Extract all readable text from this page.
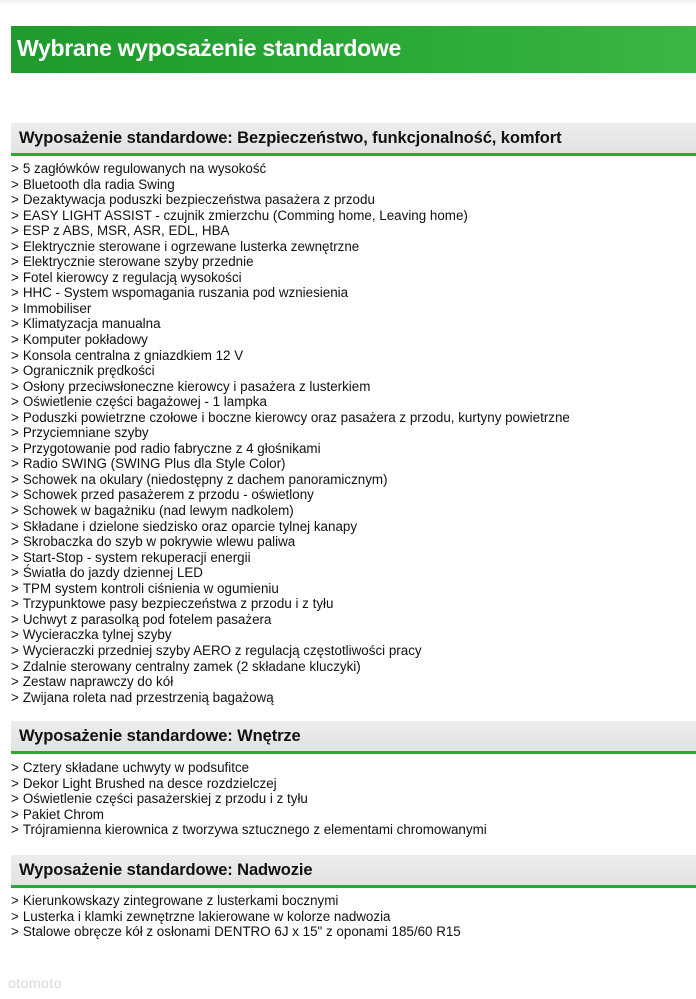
Wybrane wyposażenie standardowe
Wyposażenie standardowe: Bezpieczeństwo, funkcjonalność, komfort
> 5 zagłówków regulowanych na wysokość
> Bluetooth dla radia Swing
> Dezaktywacja poduszki bezpieczeństwa pasażera z przodu
> EASY LIGHT ASSIST - czujnik zmierzchu (Comming home, Leaving home)
> ESP z ABS, MSR, ASR, EDL, HBA
> Elektrycznie sterowane i ogrzewane lusterka zewnętrzne
> Elektrycznie sterowane szyby przednie
> Fotel kierowcy z regulacją wysokości
> HHC - System wspomagania ruszania pod wzniesienia
> Immobiliser
> Klimatyzacja manualna
> Komputer pokładowy
> Konsola centralna z gniazdkiem 12 V
> Ogranicznik prędkości
> Osłony przeciwsłoneczne kierowcy i pasażera z lusterkiem
> Oświetlenie części bagażowej - 1 lampka
> Poduszki powietrzne czołowe i boczne kierowcy oraz pasażera z przodu, kurtyny powietrzne
> Przyciemniane szyby
> Przygotowanie pod radio fabryczne z 4 głośnikami
> Radio SWING (SWING Plus dla Style Color)
> Schowek na okulary (niedostępny z dachem panoramicznym)
> Schowek przed pasażerem z przodu - oświetlony
> Schowek w bagażniku (nad lewym nadkolem)
> Składane i dzielone siedzisko oraz oparcie tylnej kanapy
> Skrobaczka do szyb w pokrywie wlewu paliwa
> Start-Stop - system rekuperacji energii
> Światła do jazdy dziennej LED
> TPM system kontroli ciśnienia w ogumieniu
> Trzypunktowe pasy bezpieczeństwa z przodu i z tyłu
> Uchwyt z parasolką pod fotelem pasażera
> Wycieraczka tylnej szyby
> Wycieraczki przedniej szyby AERO z regulacją częstotliwości pracy
> Zdalnie sterowany centralny zamek (2 składane kluczyki)
> Zestaw naprawczy do kół
> Zwijana roleta nad przestrzenią bagażową
Wyposażenie standardowe: Wnętrze
> Cztery składane uchwyty w podsufitce
> Dekor Light Brushed na desce rozdzielczej
> Oświetlenie części pasażerskiej z przodu i z tyłu
> Pakiet Chrom
> Trójramienna kierownica z tworzywa sztucznego z elementami chromowanymi
Wyposażenie standardowe: Nadwozie
> Kierunkowskazy zintegrowane z lusterkami bocznymi
> Lusterka i klamki zewnętrzne lakierowane w kolorze nadwozia
> Stalowe obręcze kół z osłonami DENTRO 6J x 15" z oponami 185/60 R15
otomoto
